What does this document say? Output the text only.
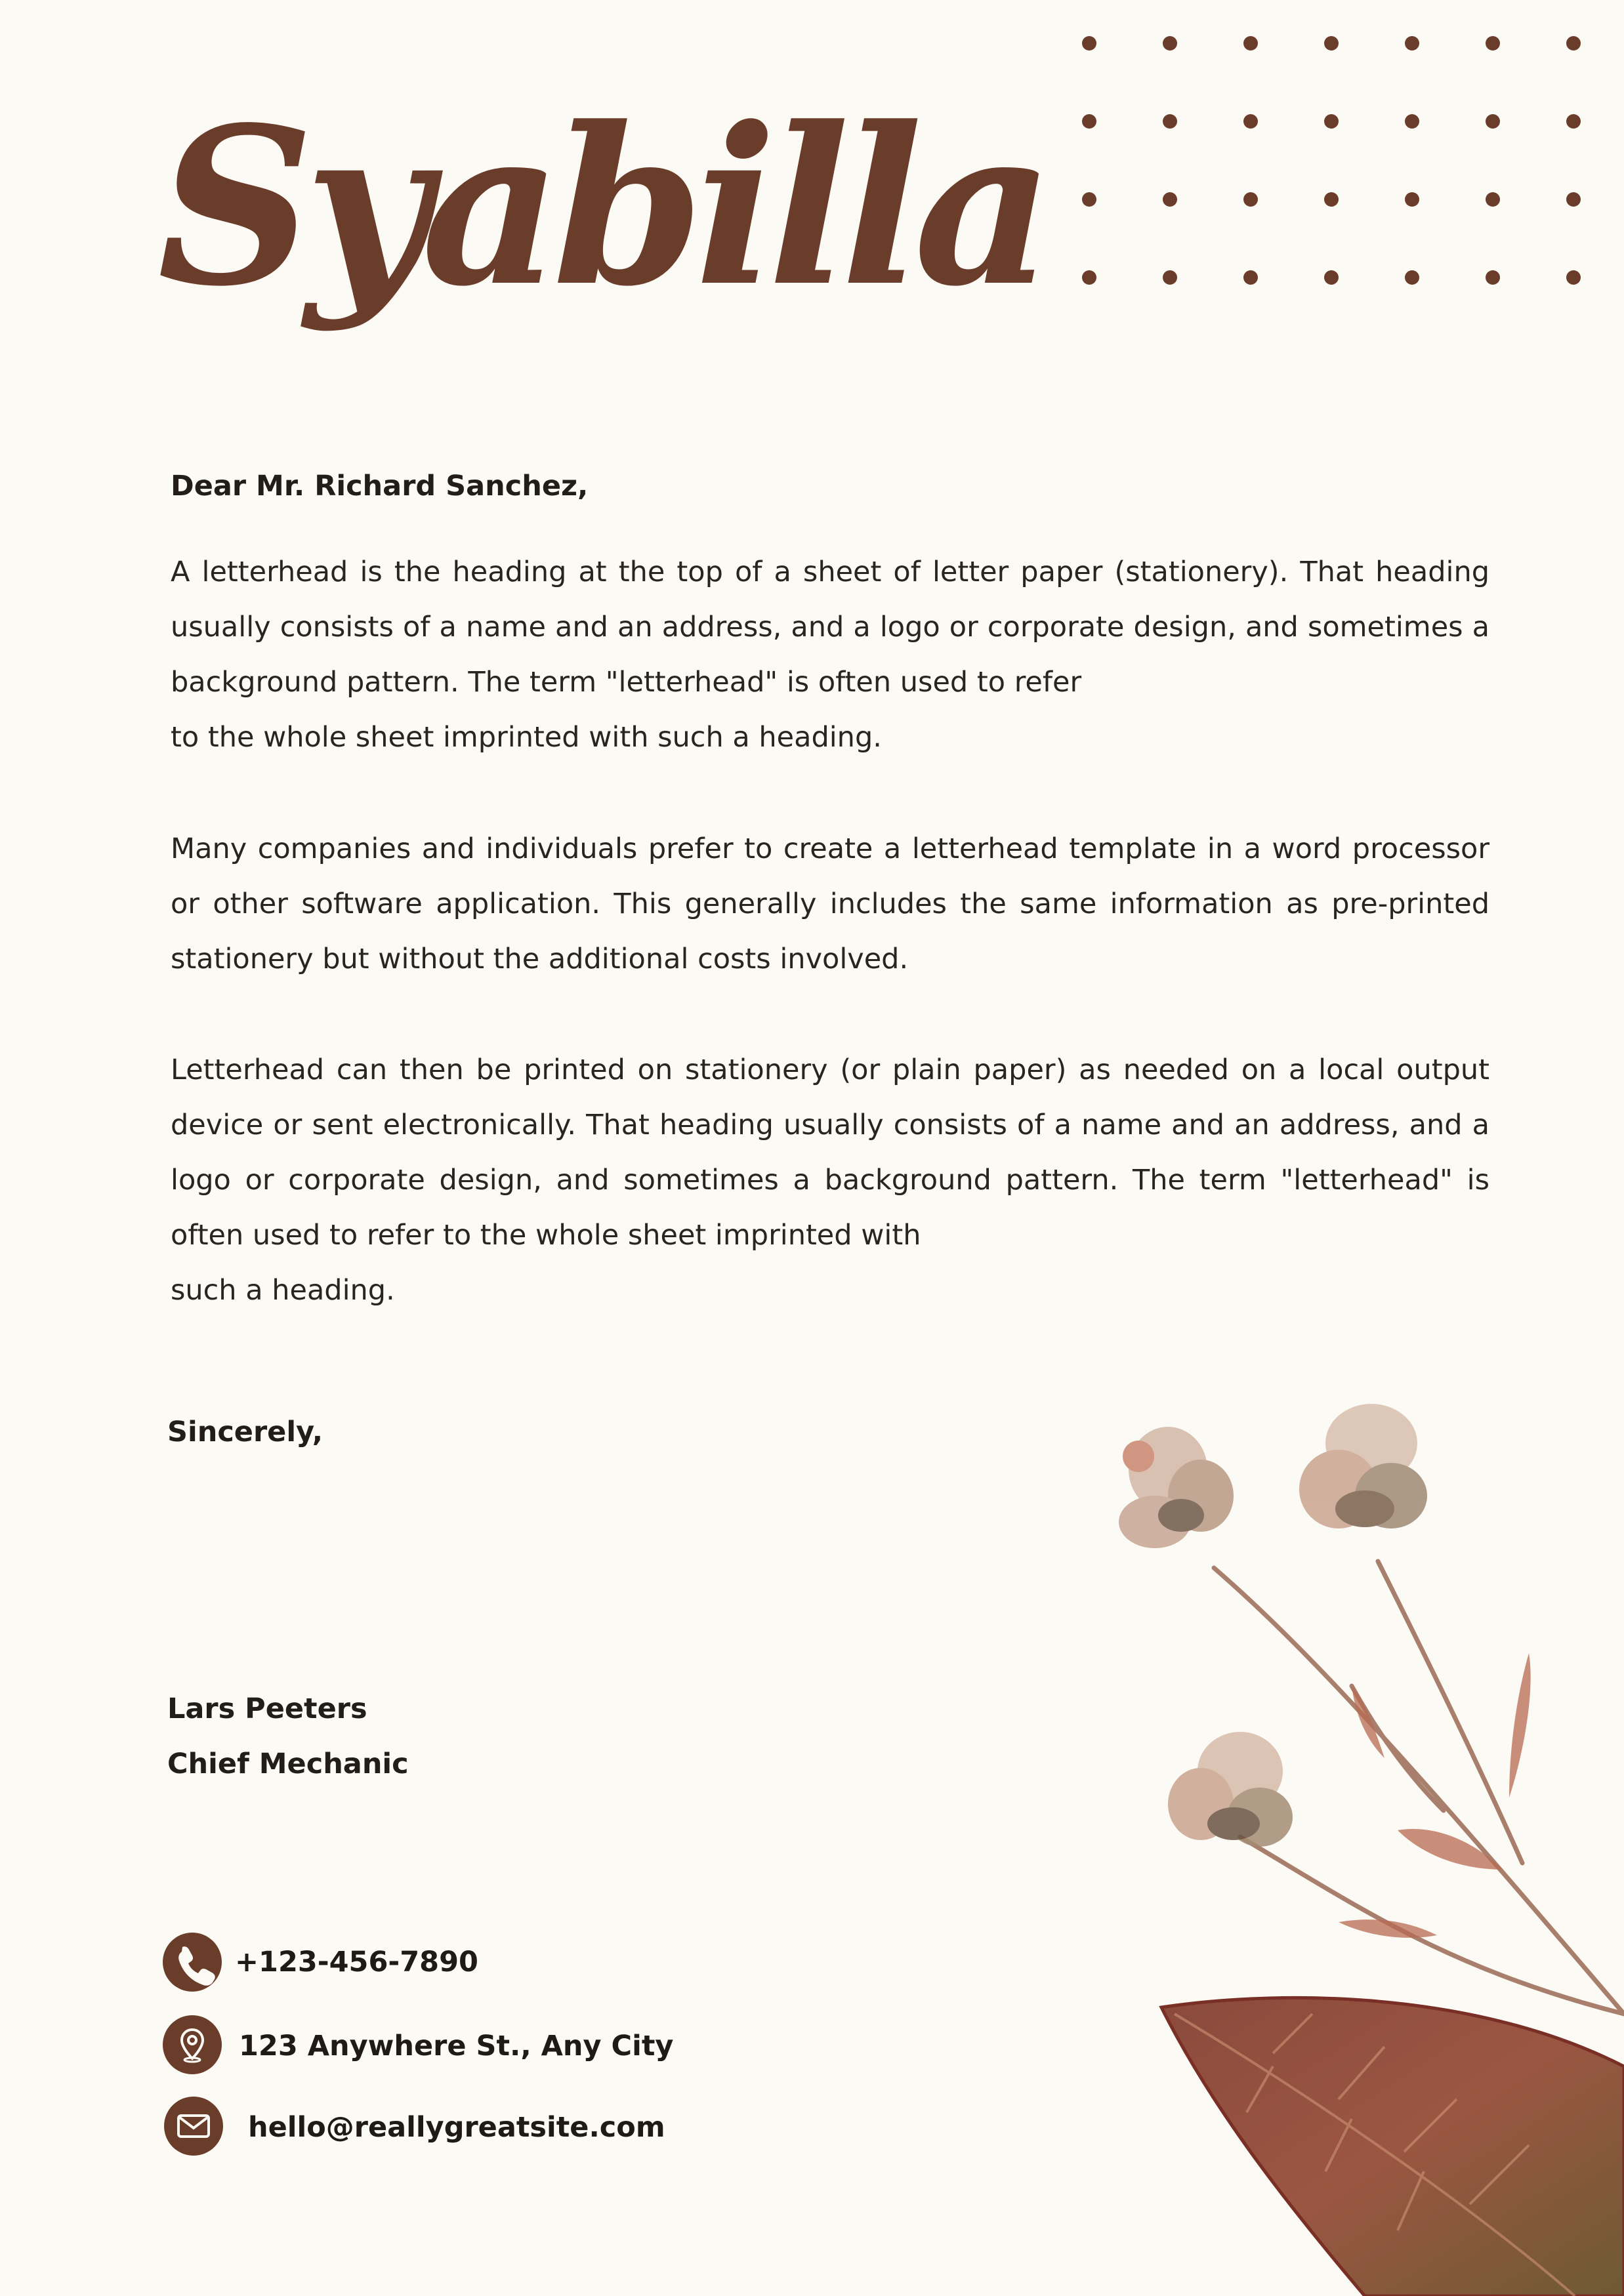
Syabilla
Dear Mr. Richard Sanchez,

A letterhead is the heading at the top of a sheet of letter paper (stationery). That heading usually consists of a name and an address, and a logo or corporate design, and sometimes a background pattern. The term "letterhead" is often used to refer
to the whole sheet imprinted with such a heading.

Many companies and individuals prefer to create a letterhead template in a word processor or other software application. This generally includes the same information as pre-printed stationery but without the additional costs involved.

Letterhead can then be printed on stationery (or plain paper) as needed on a local output device or sent electronically. That heading usually consists of a name and an address, and a logo or corporate design, and sometimes a background pattern. The term "letterhead" is often used to refer to the whole sheet imprinted with
such a heading.

Sincerely,
Lars Peeters
Chief Mechanic
+123-456-7890
123 Anywhere St., Any City
hello@reallygreatsite.com
